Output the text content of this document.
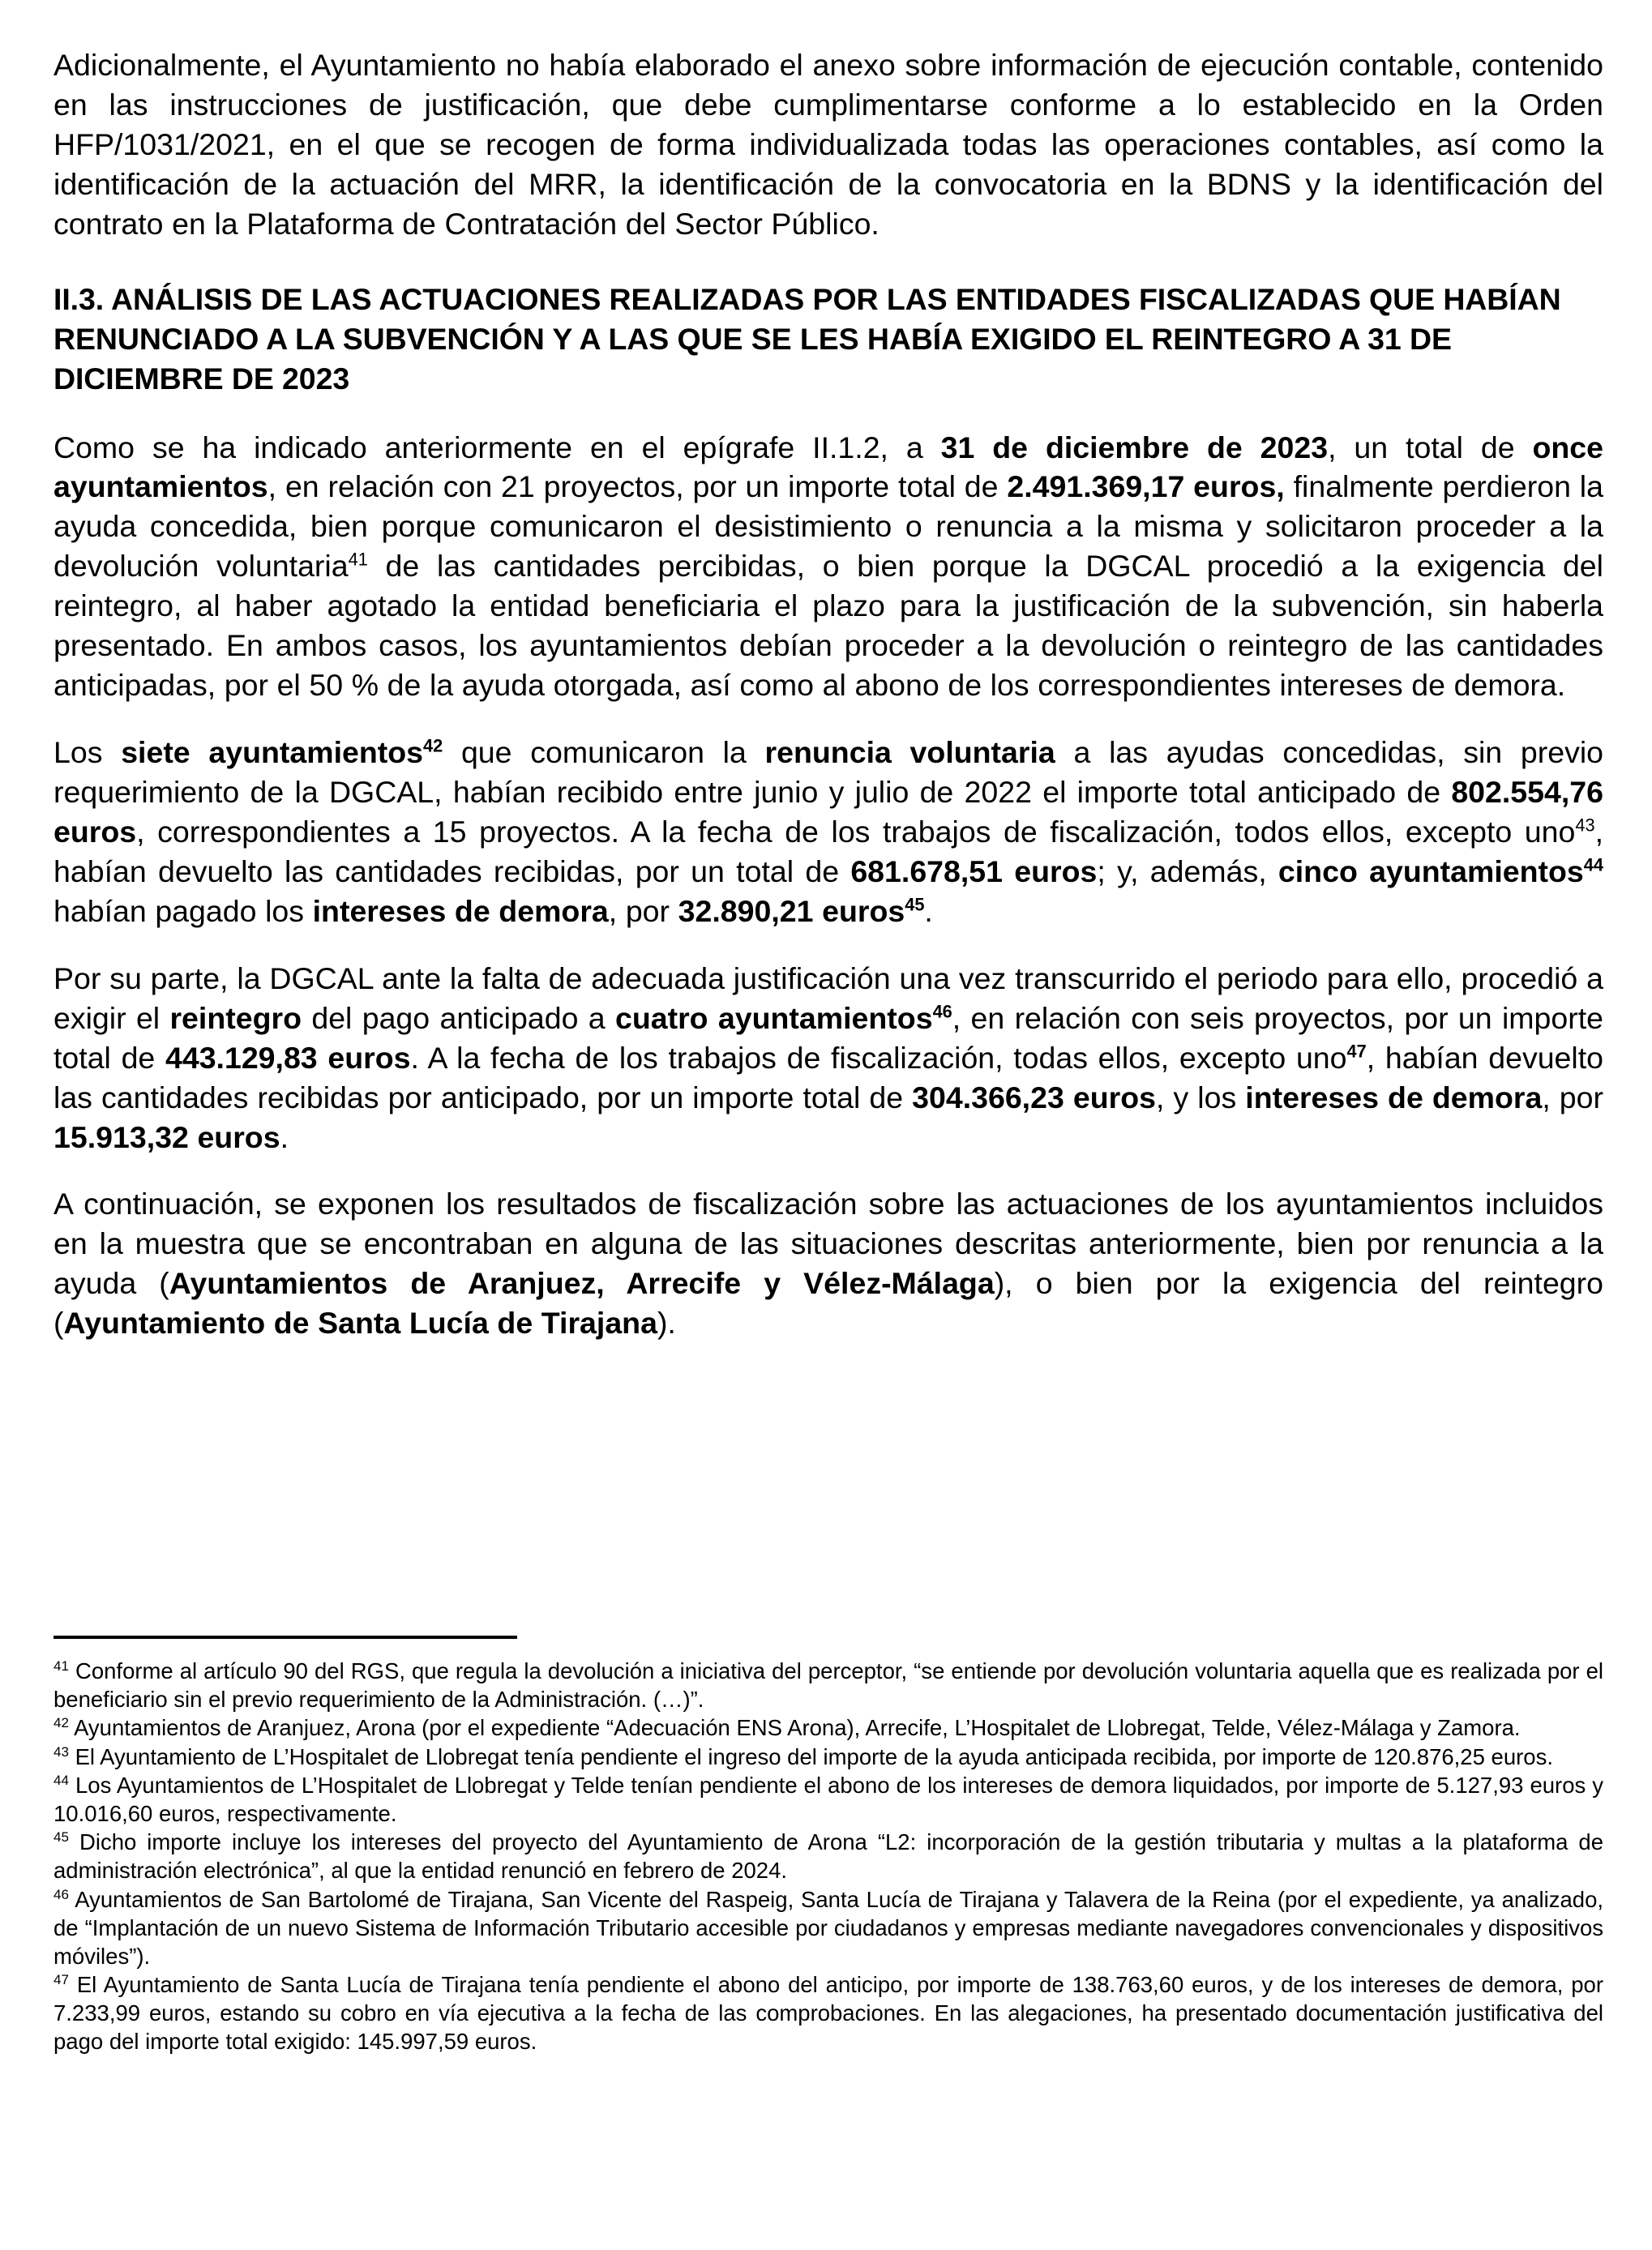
Adicionalmente, el Ayuntamiento no había elaborado el anexo sobre información de ejecución contable, contenido en las instrucciones de justificación, que debe cumplimentarse conforme a lo establecido en la Orden HFP/1031/2021, en el que se recogen de forma individualizada todas las operaciones contables, así como la identificación de la actuación del MRR, la identificación de la convocatoria en la BDNS y la identificación del contrato en la Plataforma de Contratación del Sector Público.

II.3. ANÁLISIS DE LAS ACTUACIONES REALIZADAS POR LAS ENTIDADES FISCALIZADAS QUE HABÍAN RENUNCIADO A LA SUBVENCIÓN Y A LAS QUE SE LES HABÍA EXIGIDO EL REINTEGRO A 31 DE DICIEMBRE DE 2023

Como se ha indicado anteriormente en el epígrafe II.1.2, a 31 de diciembre de 2023, un total de once ayuntamientos, en relación con 21 proyectos, por un importe total de 2.491.369,17 euros, finalmente perdieron la ayuda concedida, bien porque comunicaron el desistimiento o renuncia a la misma y solicitaron proceder a la devolución voluntaria$^{41}$ de las cantidades percibidas, o bien porque la DGCAL procedió a la exigencia del reintegro, al haber agotado la entidad beneficiaria el plazo para la justificación de la subvención, sin haberla presentado. En ambos casos, los ayuntamientos debían proceder a la devolución o reintegro de las cantidades anticipadas, por el 50 % de la ayuda otorgada, así como al abono de los correspondientes intereses de demora.

Los siete ayuntamientos$^{42}$ que comunicaron la renuncia voluntaria a las ayudas concedidas, sin previo requerimiento de la DGCAL, habían recibido entre junio y julio de 2022 el importe total anticipado de 802.554,76 euros, correspondientes a 15 proyectos. A la fecha de los trabajos de fiscalización, todos ellos, excepto uno$^{43}$, habían devuelto las cantidades recibidas, por un total de 681.678,51 euros; y, además, cinco ayuntamientos$^{44}$ habían pagado los intereses de demora, por 32.890,21 euros$^{45}$.

Por su parte, la DGCAL ante la falta de adecuada justificación una vez transcurrido el periodo para ello, procedió a exigir el reintegro del pago anticipado a cuatro ayuntamientos$^{46}$, en relación con seis proyectos, por un importe total de 443.129,83 euros. A la fecha de los trabajos de fiscalización, todas ellos, excepto uno$^{47}$, habían devuelto las cantidades recibidas por anticipado, por un importe total de 304.366,23 euros, y los intereses de demora, por 15.913,32 euros.

A continuación, se exponen los resultados de fiscalización sobre las actuaciones de los ayuntamientos incluidos en la muestra que se encontraban en alguna de las situaciones descritas anteriormente, bien por renuncia a la ayuda (Ayuntamientos de Aranjuez, Arrecife y Vélez-Málaga), o bien por la exigencia del reintegro (Ayuntamiento de Santa Lucía de Tirajana).

$^{41}$ Conforme al artículo 90 del RGS, que regula la devolución a iniciativa del perceptor, “se entiende por devolución voluntaria aquella que es realizada por el beneficiario sin el previo requerimiento de la Administración. (…)”.

$^{42}$ Ayuntamientos de Aranjuez, Arona (por el expediente “Adecuación ENS Arona), Arrecife, L’Hospitalet de Llobregat, Telde, Vélez-Málaga y Zamora.

$^{43}$ El Ayuntamiento de L’Hospitalet de Llobregat tenía pendiente el ingreso del importe de la ayuda anticipada recibida, por importe de 120.876,25 euros.

$^{44}$ Los Ayuntamientos de L’Hospitalet de Llobregat y Telde tenían pendiente el abono de los intereses de demora liquidados, por importe de 5.127,93 euros y 10.016,60 euros, respectivamente.

$^{45}$ Dicho importe incluye los intereses del proyecto del Ayuntamiento de Arona “L2: incorporación de la gestión tributaria y multas a la plataforma de administración electrónica”, al que la entidad renunció en febrero de 2024.

$^{46}$ Ayuntamientos de San Bartolomé de Tirajana, San Vicente del Raspeig, Santa Lucía de Tirajana y Talavera de la Reina (por el expediente, ya analizado, de “Implantación de un nuevo Sistema de Información Tributario accesible por ciudadanos y empresas mediante navegadores convencionales y dispositivos móviles”).

$^{47}$ El Ayuntamiento de Santa Lucía de Tirajana tenía pendiente el abono del anticipo, por importe de 138.763,60 euros, y de los intereses de demora, por 7.233,99 euros, estando su cobro en vía ejecutiva a la fecha de las comprobaciones. En las alegaciones, ha presentado documentación justificativa del pago del importe total exigido: 145.997,59 euros.
